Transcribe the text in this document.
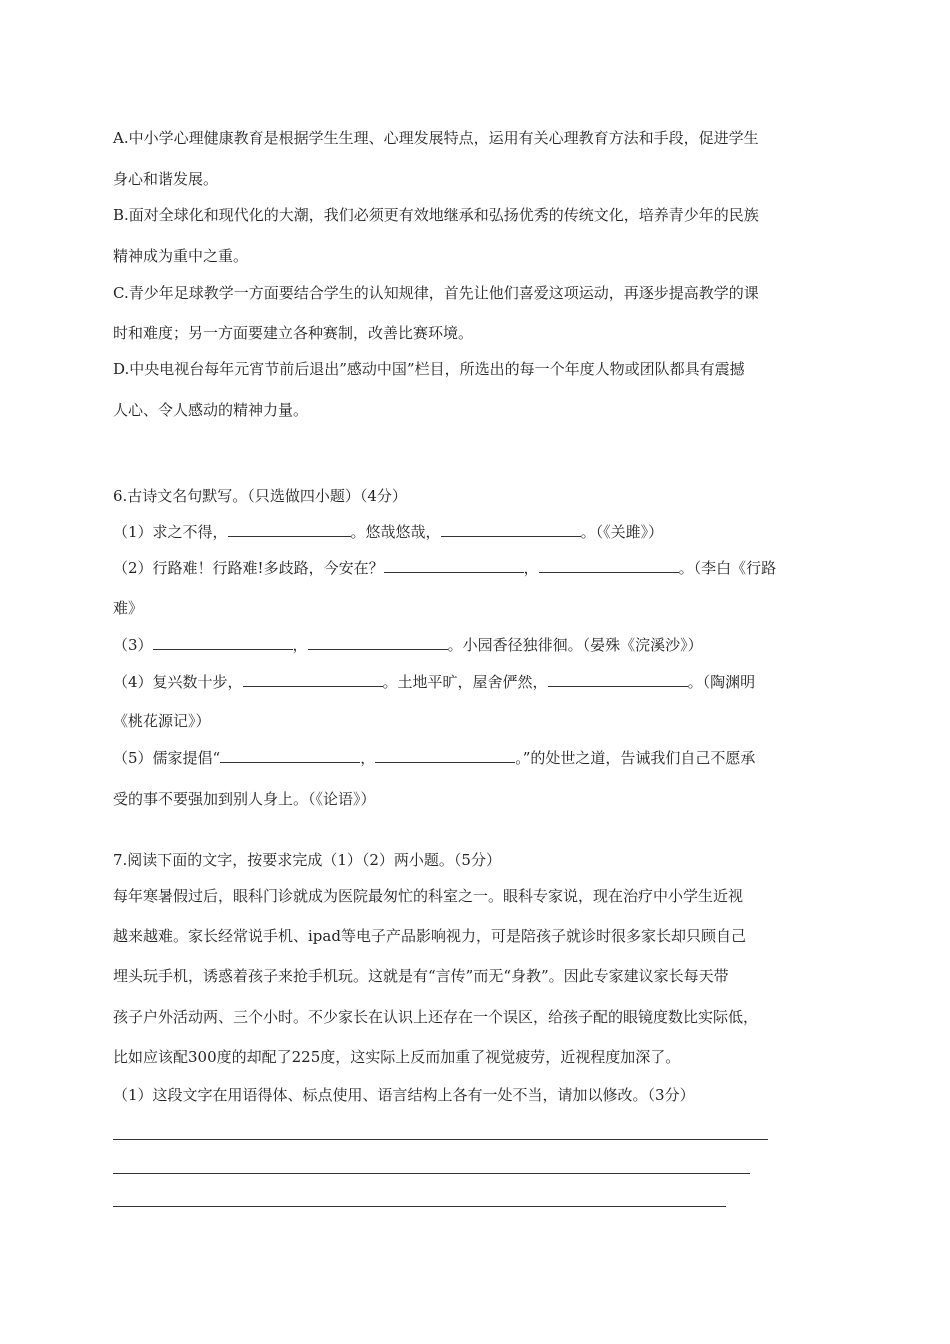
A.中小学心理健康教育是根据学生生理、心理发展特点，运用有关心理教育方法和手段，促进学生
身心和谐发展。
B.面对全球化和现代化的大潮，我们必须更有效地继承和弘扬优秀的传统文化，培养青少年的民族
精神成为重中之重。
C.青少年足球教学一方面要结合学生的认知规律，首先让他们喜爱这项运动，再逐步提高教学的课
时和难度；另一方面要建立各种赛制，改善比赛环境。
D.中央电视台每年元宵节前后退出”感动中国”栏目，所选出的每一个年度人物或团队都具有震撼
人心、令人感动的精神力量。
6.古诗文名句默写。（只选做四小题）（4分）
（1）求之不得，	。悠哉悠哉，	。（《关雎》）
（2）行路难！行路难!多歧路，今安在？	，	。（李白《行路
难》
（3）	，	。小园香径独徘徊。（晏殊《浣溪沙》）
（4）复兴数十步，	。土地平旷，屋舍俨然，	。（陶渊明
《桃花源记》）
（5）儒家提倡“	，	。”的处世之道，告诫我们自己不愿承
受的事不要强加到别人身上。（《论语》）
7.阅读下面的文字，按要求完成（1）（2）两小题。（5分）
每年寒暑假过后，眼科门诊就成为医院最匆忙的科室之一。眼科专家说，现在治疗中小学生近视
越来越难。家长经常说手机、ipad等电子产品影响视力，可是陪孩子就诊时很多家长却只顾自己
埋头玩手机，诱惑着孩子来抢手机玩。这就是有“言传”而无“身教”。因此专家建议家长每天带
孩子户外活动两、三个小时。不少家长在认识上还存在一个误区，给孩子配的眼镜度数比实际低，
比如应该配300度的却配了225度，这实际上反而加重了视觉疲劳，近视程度加深了。
（1）这段文字在用语得体、标点使用、语言结构上各有一处不当，请加以修改。（3分）
